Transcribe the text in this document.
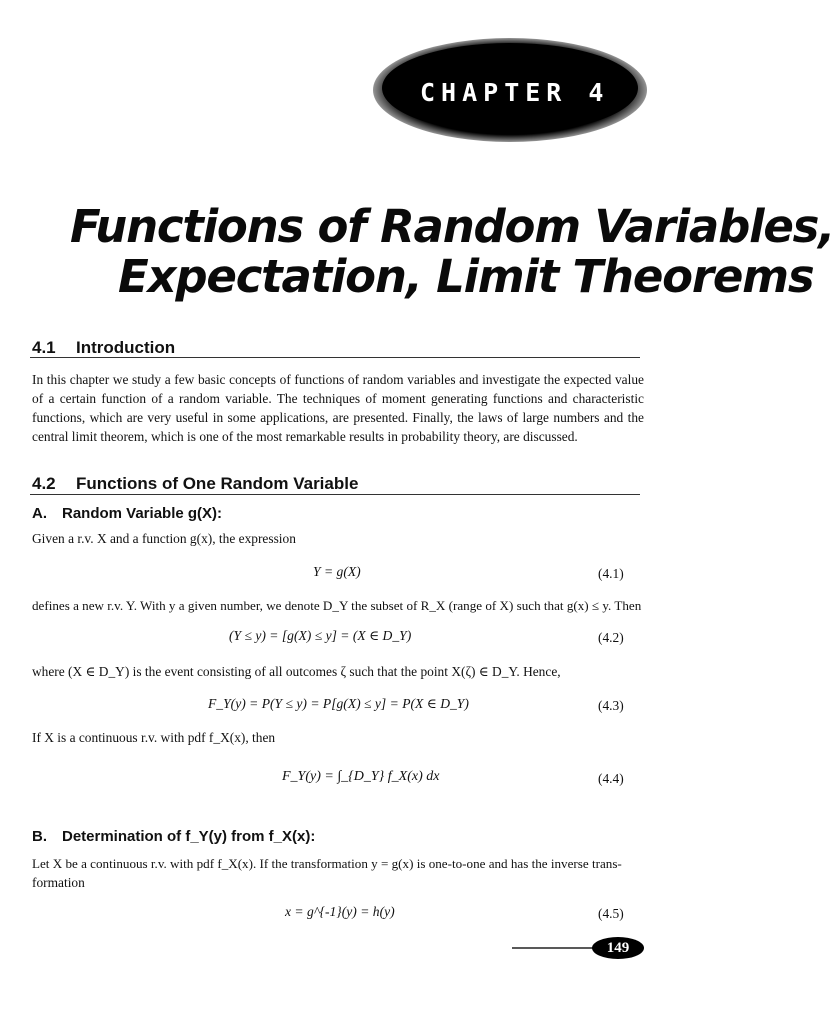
CHAPTER 4
Functions of Random Variables,
Expectation, Limit Theorems
4.1 Introduction
In this chapter we study a few basic concepts of functions of random variables and investigate the expected value of a certain function of a random variable. The techniques of moment generating functions and characteristic functions, which are very useful in some applications, are presented. Finally, the laws of large numbers and the central limit theorem, which is one of the most remarkable results in probability theory, are discussed.
4.2 Functions of One Random Variable
A. Random Variable g(X):
Given a r.v. X and a function g(x), the expression
Y = g(X)	(4.1)
defines a new r.v. Y. With y a given number, we denote D_Y the subset of R_X (range of X) such that g(x) ≤ y. Then
(Y ≤ y) = [g(X) ≤ y] = (X ∈ D_Y)	(4.2)
where (X ∈ D_Y) is the event consisting of all outcomes ζ such that the point X(ζ) ∈ D_Y. Hence,
F_Y(y) = P(Y ≤ y) = P[g(X) ≤ y] = P(X ∈ D_Y)	(4.3)
If X is a continuous r.v. with pdf f_X(x), then
F_Y(y) = ∫_{D_Y} f_X(x) dx	(4.4)
B. Determination of f_Y(y) from f_X(x):
Let X be a continuous r.v. with pdf f_X(x). If the transformation y = g(x) is one-to-one and has the inverse trans-
formation
x = g^{-1}(y) = h(y)	(4.5)
149
